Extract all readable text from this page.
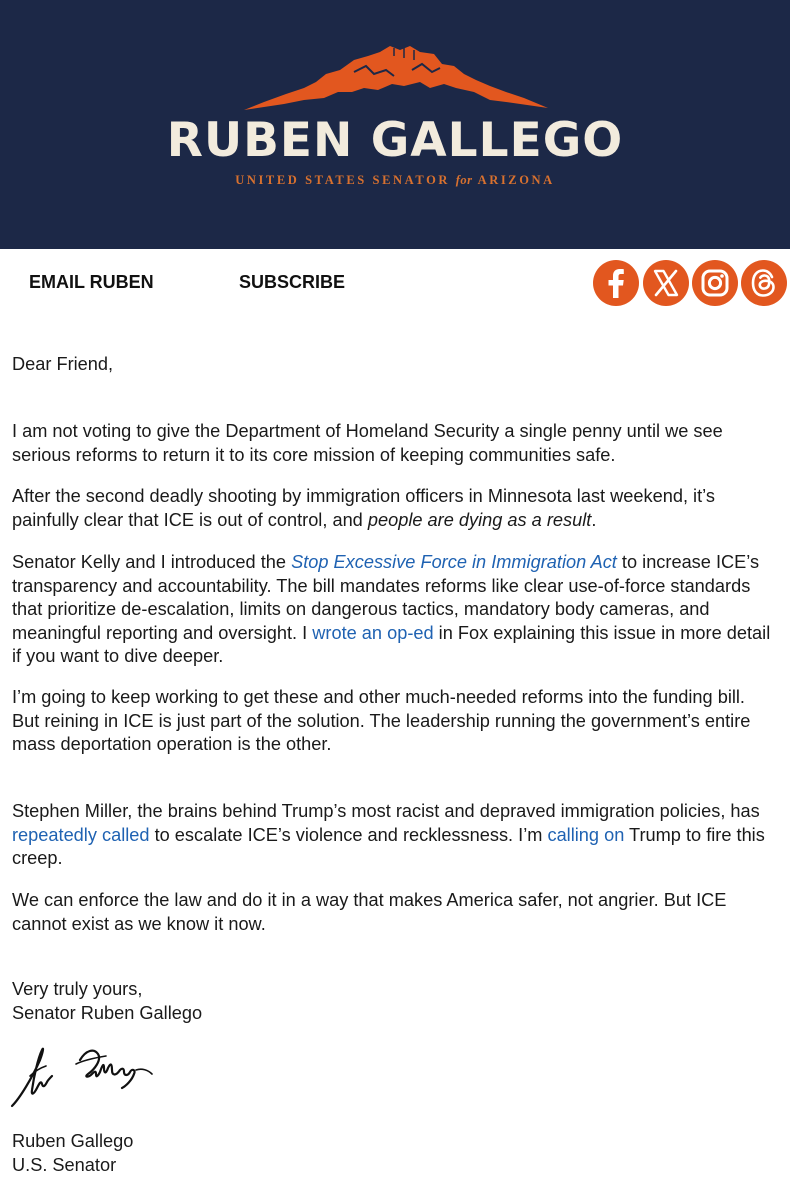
RUBEN GALLEGO
UNITED STATES SENATOR for ARIZONA
EMAIL RUBEN	SUBSCRIBE
Dear Friend,
I am not voting to give the Department of Homeland Security a single penny until we see serious reforms to return it to its core mission of keeping communities safe.
After the second deadly shooting by immigration officers in Minnesota last weekend, it’s painfully clear that ICE is out of control, and people are dying as a result.
Senator Kelly and I introduced the Stop Excessive Force in Immigration Act to increase ICE’s transparency and accountability. The bill mandates reforms like clear use-of-force standards that prioritize de-escalation, limits on dangerous tactics, mandatory body cameras, and meaningful reporting and oversight. I wrote an op-ed in Fox explaining this issue in more detail if you want to dive deeper.

I’m going to keep working to get these and other much-needed reforms into the funding bill.

But reining in ICE is just part of the solution. The leadership running the government’s entire mass deportation operation is the other.

Stephen Miller, the brains behind Trump’s most racist and depraved immigration policies, has repeatedly called to escalate ICE’s violence and recklessness. I’m calling on Trump to fire this creep.
We can enforce the law and do it in a way that makes America safer, not angrier. But ICE cannot exist as we know it now.

Very truly yours,

Senator Ruben Gallego

Ruben Gallego

U.S. Senator
